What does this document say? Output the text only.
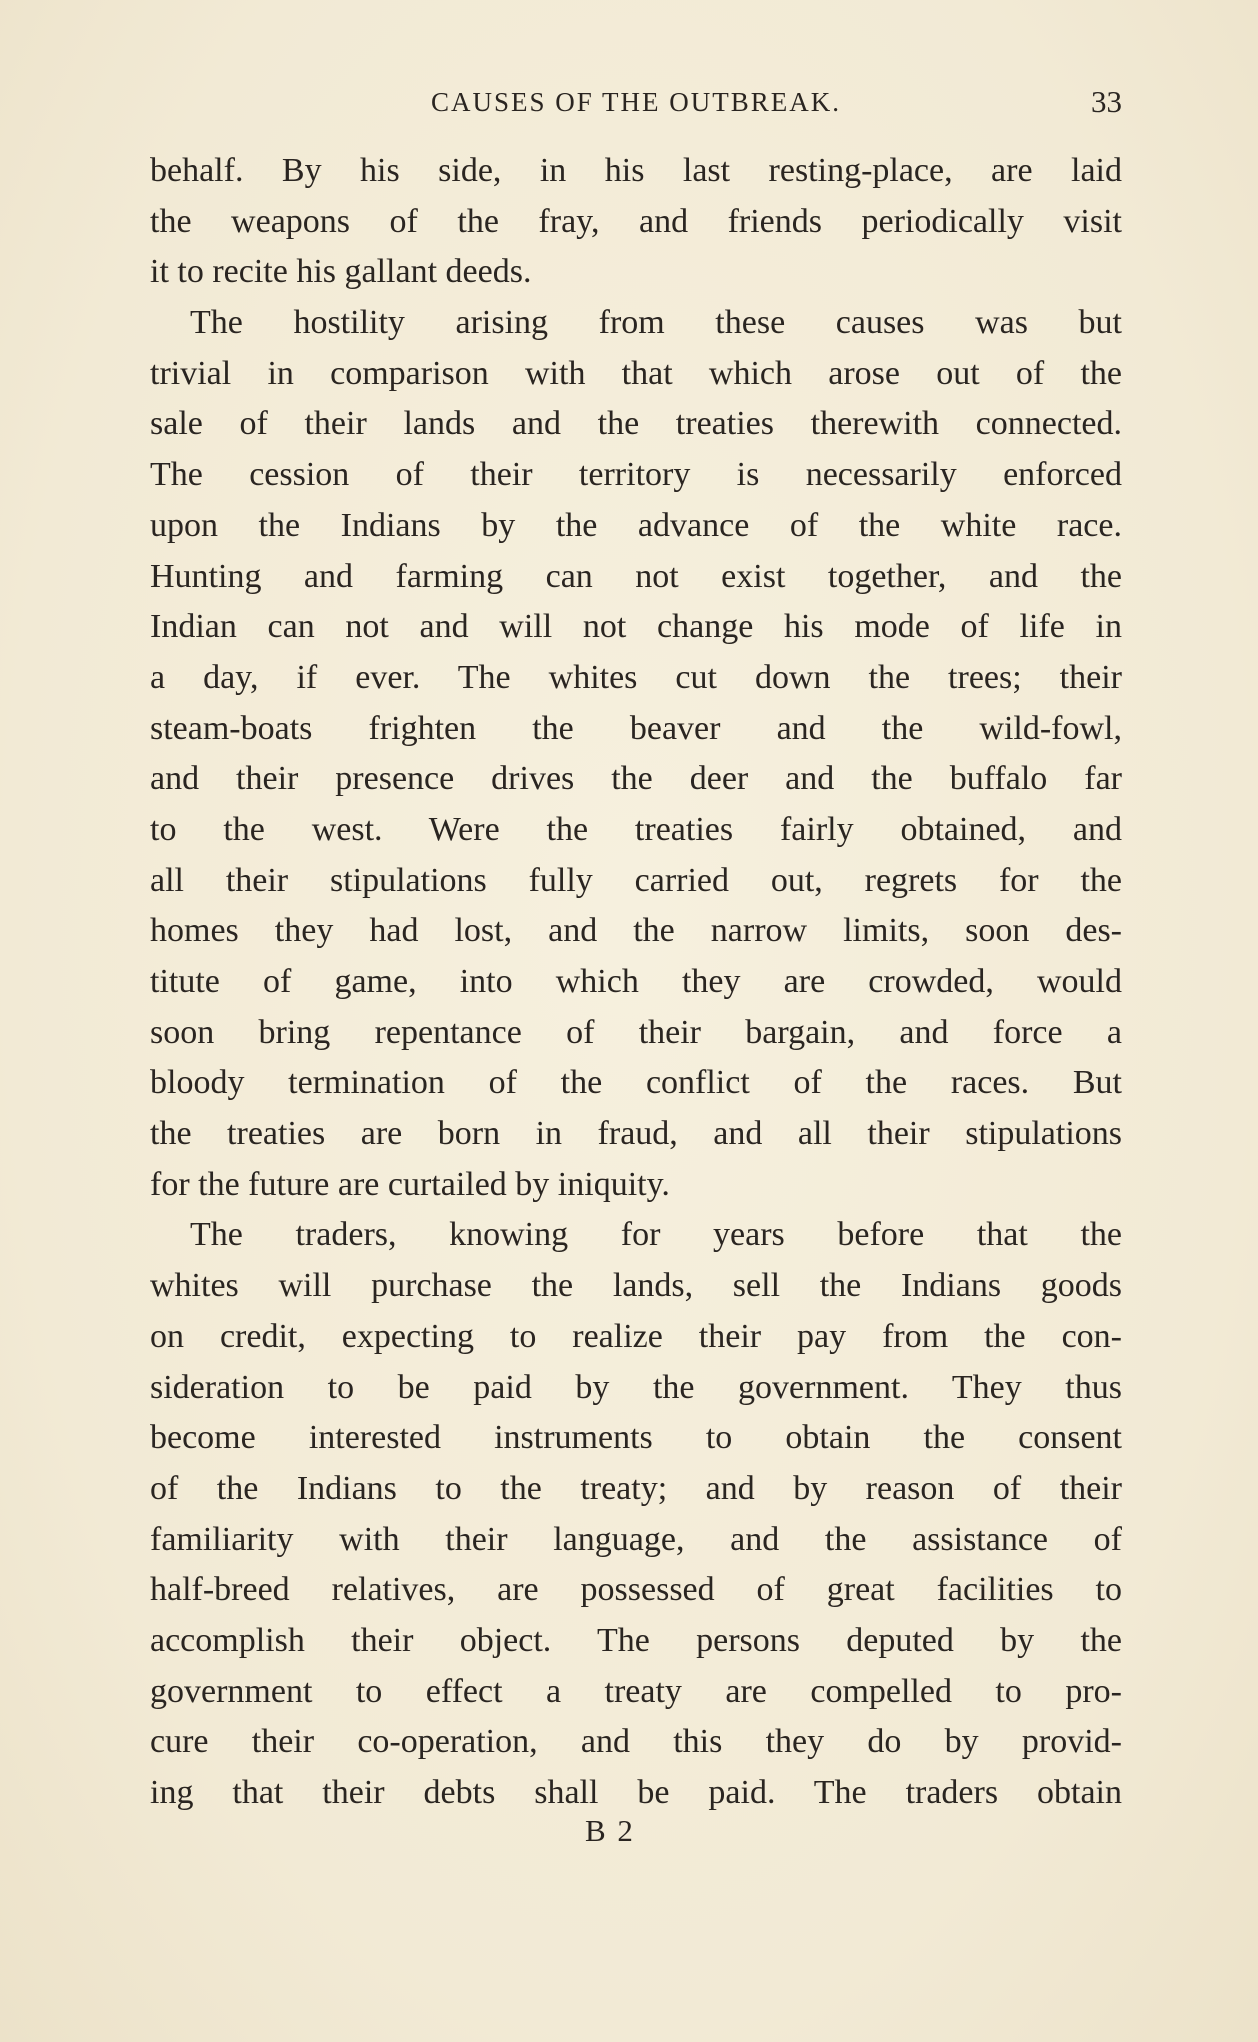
CAUSES OF THE OUTBREAK.	33
behalf. By his side, in his last resting-place, are laid
the weapons of the fray, and friends periodically visit
it to recite his gallant deeds.
The hostility arising from these causes was but
trivial in comparison with that which arose out of the
sale of their lands and the treaties therewith connected.
The cession of their territory is necessarily enforced
upon the Indians by the advance of the white race.
Hunting and farming can not exist together, and the
Indian can not and will not change his mode of life in
a day, if ever. The whites cut down the trees; their
steam-boats frighten the beaver and the wild-fowl,
and their presence drives the deer and the buffalo far
to the west. Were the treaties fairly obtained, and
all their stipulations fully carried out, regrets for the
homes they had lost, and the narrow limits, soon des-
titute of game, into which they are crowded, would
soon bring repentance of their bargain, and force a
bloody termination of the conflict of the races. But
the treaties are born in fraud, and all their stipulations
for the future are curtailed by iniquity.
The traders, knowing for years before that the
whites will purchase the lands, sell the Indians goods
on credit, expecting to realize their pay from the con-
sideration to be paid by the government. They thus
become interested instruments to obtain the consent
of the Indians to the treaty; and by reason of their
familiarity with their language, and the assistance of
half-breed relatives, are possessed of great facilities to
accomplish their object. The persons deputed by the
government to effect a treaty are compelled to pro-
cure their co-operation, and this they do by provid-
ing that their debts shall be paid. The traders obtain
B 2
